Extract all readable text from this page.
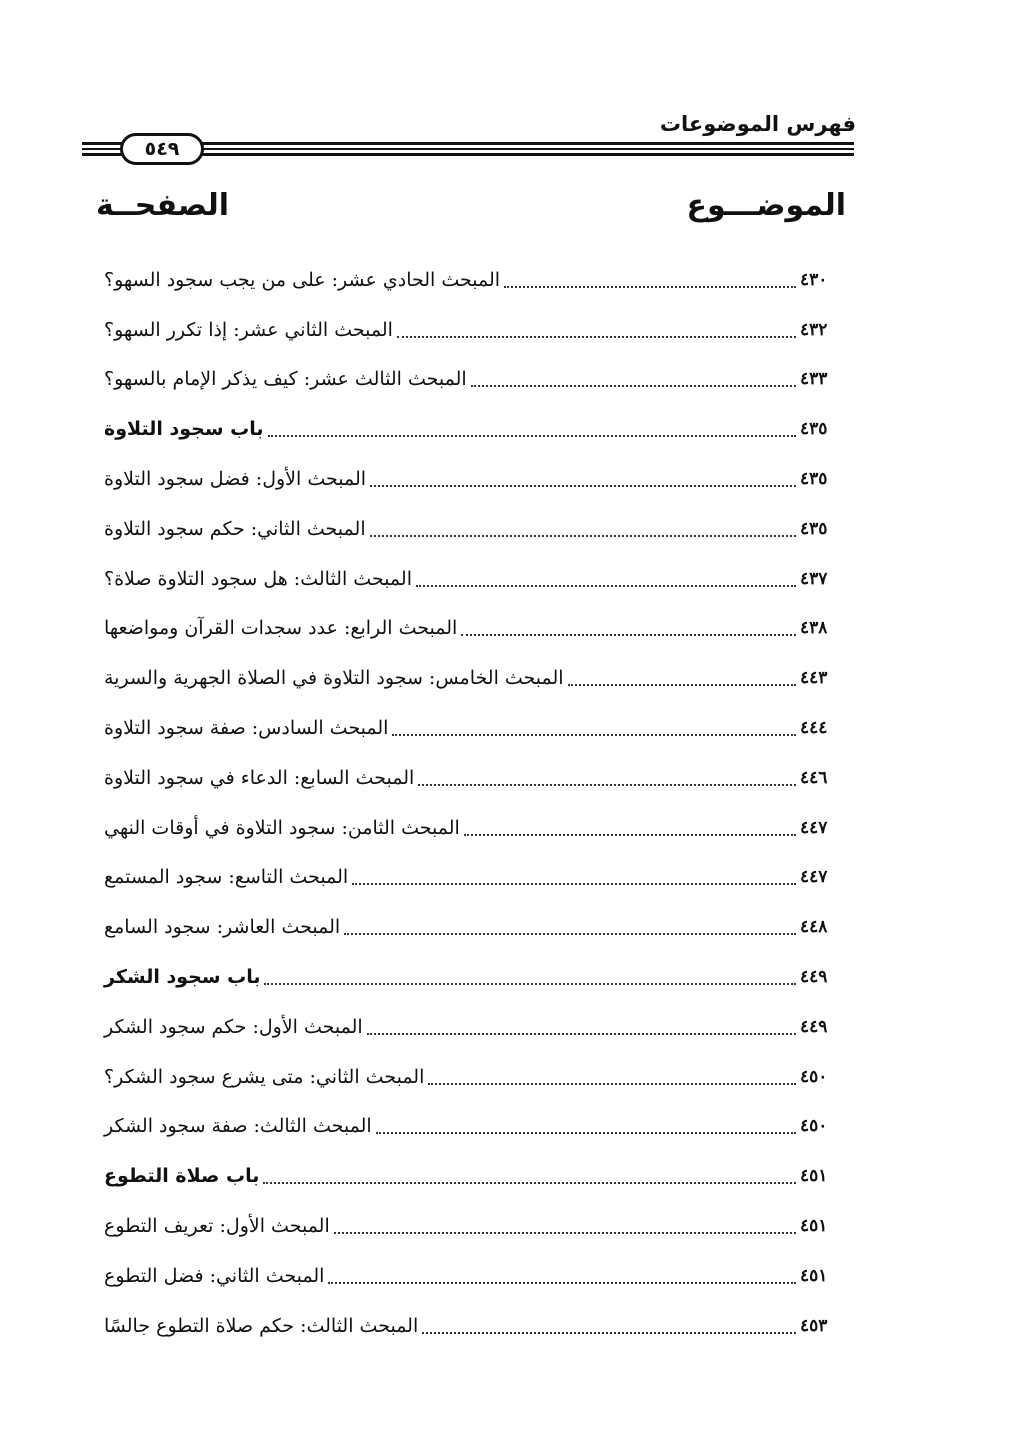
فهرس الموضوعات
٥٤٩
الموضـــوع
الصفحــة
المبحث الحادي عشر: على من يجب سجود السهو؟	٤٣٠
المبحث الثاني عشر: إذا تكرر السهو؟	٤٣٢
المبحث الثالث عشر: كيف يذكر الإمام بالسهو؟	٤٣٣
باب سجود التلاوة	٤٣٥
المبحث الأول: فضل سجود التلاوة	٤٣٥
المبحث الثاني: حكم سجود التلاوة	٤٣٥
المبحث الثالث: هل سجود التلاوة صلاة؟	٤٣٧
المبحث الرابع: عدد سجدات القرآن ومواضعها	٤٣٨
المبحث الخامس: سجود التلاوة في الصلاة الجهرية والسرية	٤٤٣
المبحث السادس: صفة سجود التلاوة	٤٤٤
المبحث السابع: الدعاء في سجود التلاوة	٤٤٦
المبحث الثامن: سجود التلاوة في أوقات النهي	٤٤٧
المبحث التاسع: سجود المستمع	٤٤٧
المبحث العاشر: سجود السامع	٤٤٨
باب سجود الشكر	٤٤٩
المبحث الأول: حكم سجود الشكر	٤٤٩
المبحث الثاني: متى يشرع سجود الشكر؟	٤٥٠
المبحث الثالث: صفة سجود الشكر	٤٥٠
باب صلاة التطوع	٤٥١
المبحث الأول: تعريف التطوع	٤٥١
المبحث الثاني: فضل التطوع	٤٥١
المبحث الثالث: حكم صلاة التطوع جالسًا	٤٥٣
